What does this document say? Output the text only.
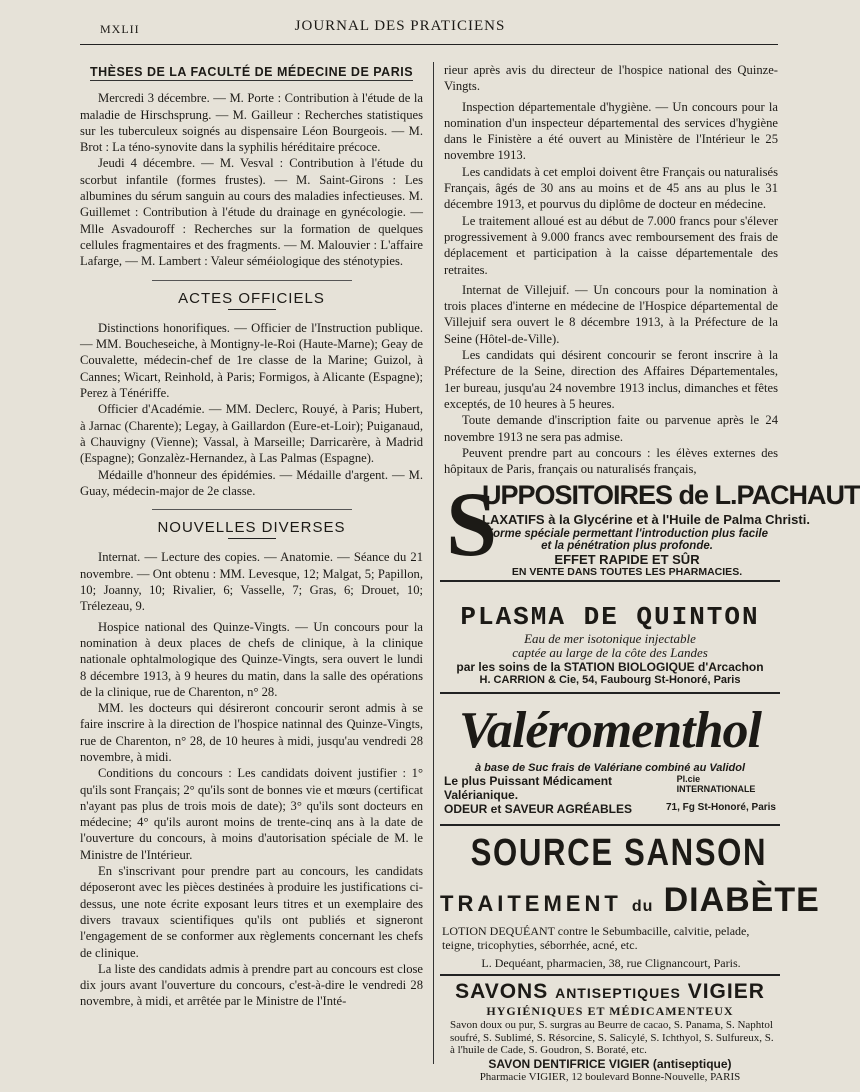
MXLII	JOURNAL DES PRATICIENS
THÈSES DE LA FACULTÉ DE MÉDECINE DE PARIS

Mercredi 3 décembre. — M. Porte : Contribution à l'étude de la maladie de Hirschsprung. — M. Gailleur : Recherches statistiques sur les tuberculeux soignés au dispensaire Léon Bourgeois. — M. Brot : La téno-synovite dans la syphilis héréditaire précoce.

Jeudi 4 décembre. — M. Vesval : Contribution à l'étude du scorbut infantile (formes frustes). — M. Saint-Girons : Les albumines du sérum sanguin au cours des maladies infectieuses. M. Guillemet : Contribution à l'étude du drainage en gynécologie. — Mlle Asvadouroff : Recherches sur la formation de quelques cellules fragmentaires et des fragments. — M. Malouvier : L'affaire Lafarge, — M. Lambert : Valeur séméiologique des sténotypies.

ACTES OFFICIELS

Distinctions honorifiques. — Officier de l'Instruction publique. — MM. Boucheseiche, à Montigny-le-Roi (Haute-Marne); Geay de Couvalette, médecin-chef de 1re classe de la Marine; Guizol, à Cannes; Wicart, Reinhold, à Paris; Formigos, à Alicante (Espagne); Perez à Ténériffe.

Officier d'Académie. — MM. Declerc, Rouyé, à Paris; Hubert, à Jarnac (Charente); Legay, à Gaillardon (Eure-et-Loir); Puiganaud, à Chauvigny (Vienne); Vassal, à Marseille; Darricarère, à Madrid (Espagne); Gonzalèz-Hernandez, à Las Palmas (Espagne).

Médaille d'honneur des épidémies. — Médaille d'argent. — M. Guay, médecin-major de 2e classe.

NOUVELLES DIVERSES

Internat. — Lecture des copies. — Anatomie. — Séance du 21 novembre. — Ont obtenu : MM. Levesque, 12; Malgat, 5; Papillon, 10; Joanny, 10; Rivalier, 6; Vasselle, 7; Gras, 6; Drouet, 10; Trélezeau, 9.

Hospice national des Quinze-Vingts. — Un concours pour la nomination à deux places de chefs de clinique, à la clinique nationale ophtalmologique des Quinze-Vingts, sera ouvert le lundi 8 décembre 1913, à 9 heures du matin, dans la salle des opérations de la clinique, rue de Charenton, n° 28.

MM. les docteurs qui désireront concourir seront admis à se faire inscrire à la direction de l'hospice natinnal des Quinze-Vingts, rue de Charenton, n° 28, de 10 heures à midi, jusqu'au vendredi 28 novembre, à midi.

Conditions du concours : Les candidats doivent justifier : 1° qu'ils sont Français; 2° qu'ils sont de bonnes vie et mœurs (certificat n'ayant pas plus de trois mois de date); 3° qu'ils sont docteurs en médecine; 4° qu'ils auront moins de trente-cinq ans à la date de l'ouverture du concours, à moins d'autorisation spéciale de M. le Ministre de l'Intérieur.

En s'inscrivant pour prendre part au concours, les candidats déposeront avec les pièces destinées à produire les justifications ci-dessus, une note écrite exposant leurs titres et un exemplaire des divers travaux scientifiques qu'ils ont publiés et signeront l'engagement de se conformer aux règlements concernant les chefs de clinique.

La liste des candidats admis à prendre part au concours est close dix jours avant l'ouverture du concours, c'est-à-dire le vendredi 28 novembre, à midi, et arrêtée par le Ministre de l'Inté-

rieur après avis du directeur de l'hospice national des Quinze-Vingts.

Inspection départementale d'hygiène. — Un concours pour la nomination d'un inspecteur départemental des services d'hygiène dans le Finistère a été ouvert au Ministère de l'Intérieur le 25 novembre 1913.

Les candidats à cet emploi doivent être Français ou naturalisés Français, âgés de 30 ans au moins et de 45 ans au plus le 31 décembre 1913, et pourvus du diplôme de docteur en médecine.

Le traitement alloué est au début de 7.000 francs pour s'élever progressivement à 9.000 francs avec remboursement des frais de déplacement et participation à la caisse départementale des retraites.

Internat de Villejuif. — Un concours pour la nomination à trois places d'interne en médecine de l'Hospice départemental de Villejuif sera ouvert le 8 décembre 1913, à la Préfecture de la Seine (Hôtel-de-Ville).

Les candidats qui désirent concourir se feront inscrire à la Préfecture de la Seine, direction des Affaires Départementales, 1er bureau, jusqu'au 24 novembre 1913 inclus, dimanches et fêtes exceptés, de 10 heures à 5 heures.

Toute demande d'inscription faite ou parvenue après le 24 novembre 1913 ne sera pas admise.

Peuvent prendre part au concours : les élèves externes des hôpitaux de Paris, français ou naturalisés français,

S
UPPOSITOIRES de L.PACHAUT
LAXATIFS à la Glycérine et à l'Huile de Palma Christi.
Forme spéciale permettant l'introduction plus facile et la pénétration plus profonde.
EFFET RAPIDE ET SÛR
EN VENTE DANS TOUTES LES PHARMACIES.
PLASMA DE QUINTON
Eau de mer isotonique injectable
captée au large de la côte des Landes
par les soins de la STATION BIOLOGIQUE d'Arcachon
H. CARRION & Cie, 54, Faubourg St-Honoré, Paris
Valéromenthol
à base de Suc frais de Valériane combiné au Validol
Le plus Puissant Médicament Valérianique.
Pl.cie INTERNATIONALE
ODEUR et SAVEUR AGRÉABLES	71, Fg St-Honoré, Paris
SOURCE SANSON
TRAITEMENT du DIABÈTE
LOTION DEQUÉANT contre le Sebumbacille, calvitie, pelade, teigne, tricophyties, séborrhée, acné, etc.
L. Dequéant, pharmacien, 38, rue Clignancourt, Paris.
SAVONS ANTISEPTIQUES VIGIER
HYGIÉNIQUES ET MÉDICAMENTEUX
Savon doux ou pur, S. surgras au Beurre de cacao, S. Panama, S. Naphtol soufré, S. Sublimé, S. Résorcine, S. Salicylé, S. Ichthyol, S. Sulfureux, S. à l'huile de Cade, S. Goudron, S. Boraté, etc.
SAVON DENTIFRICE VIGIER (antiseptique)
Pharmacie VIGIER, 12 boulevard Bonne-Nouvelle, PARIS
